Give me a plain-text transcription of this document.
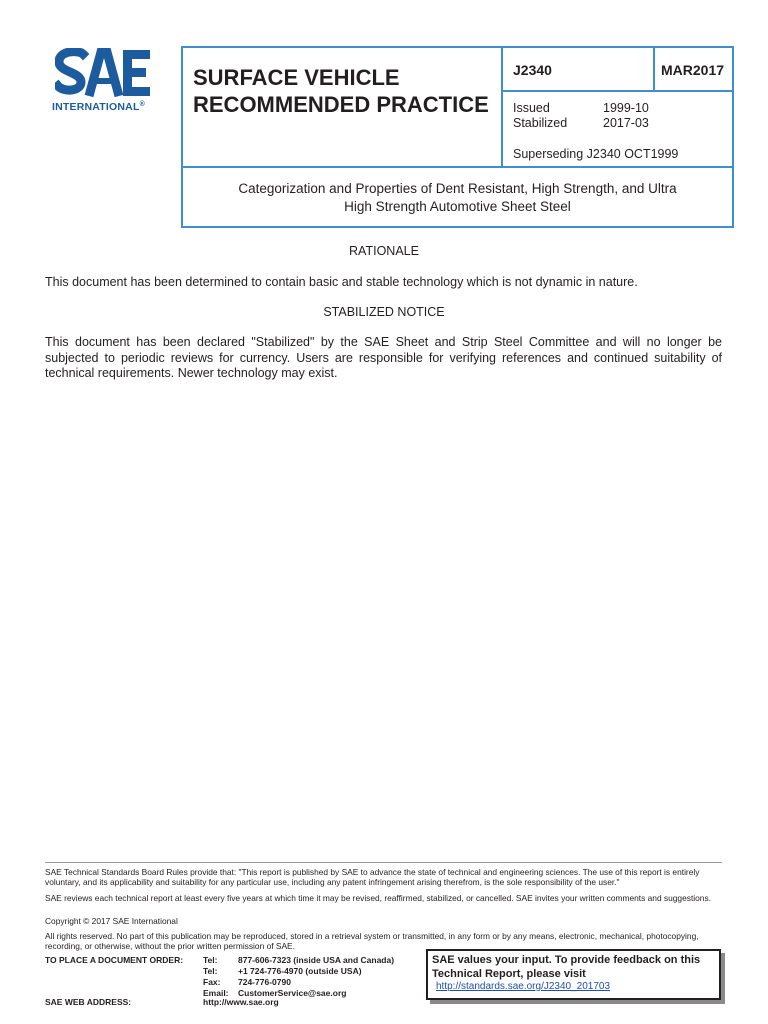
INTERNATIONAL®
SURFACE VEHICLE
RECOMMENDED PRACTICE
J2340	MAR2017
Issued	1999-10
Stabilized	2017-03
Superseding J2340 OCT1999
Categorization and Properties of Dent Resistant, High Strength, and Ultra
High Strength Automotive Sheet Steel
RATIONALE
This document has been determined to contain basic and stable technology which is not dynamic in nature.
STABILIZED NOTICE
This document has been declared "Stabilized" by the SAE Sheet and Strip Steel Committee and will no longer be subjected to periodic reviews for currency. Users are responsible for verifying references and continued suitability of technical requirements. Newer technology may exist.
SAE Technical Standards Board Rules provide that: "This report is published by SAE to advance the state of technical and engineering sciences. The use of this report is entirely voluntary, and its applicability and suitability for any particular use, including any patent infringement arising therefrom, is the sole responsibility of the user."
SAE reviews each technical report at least every five years at which time it may be revised, reaffirmed, stabilized, or cancelled. SAE invites your written comments and suggestions.
Copyright © 2017 SAE International
All rights reserved. No part of this publication may be reproduced, stored in a retrieval system or transmitted, in any form or by any means, electronic, mechanical, photocopying, recording, or otherwise, without the prior written permission of SAE.
TO PLACE A DOCUMENT ORDER: Tel: 877-606-7323 (inside USA and Canada)
Tel: +1 724-776-4970 (outside USA)
Fax: 724-776-0790
Email: CustomerService@sae.org
SAE WEB ADDRESS:	http://www.sae.org
SAE values your input. To provide feedback on this Technical Report, please visit
http://standards.sae.org/J2340_201703
